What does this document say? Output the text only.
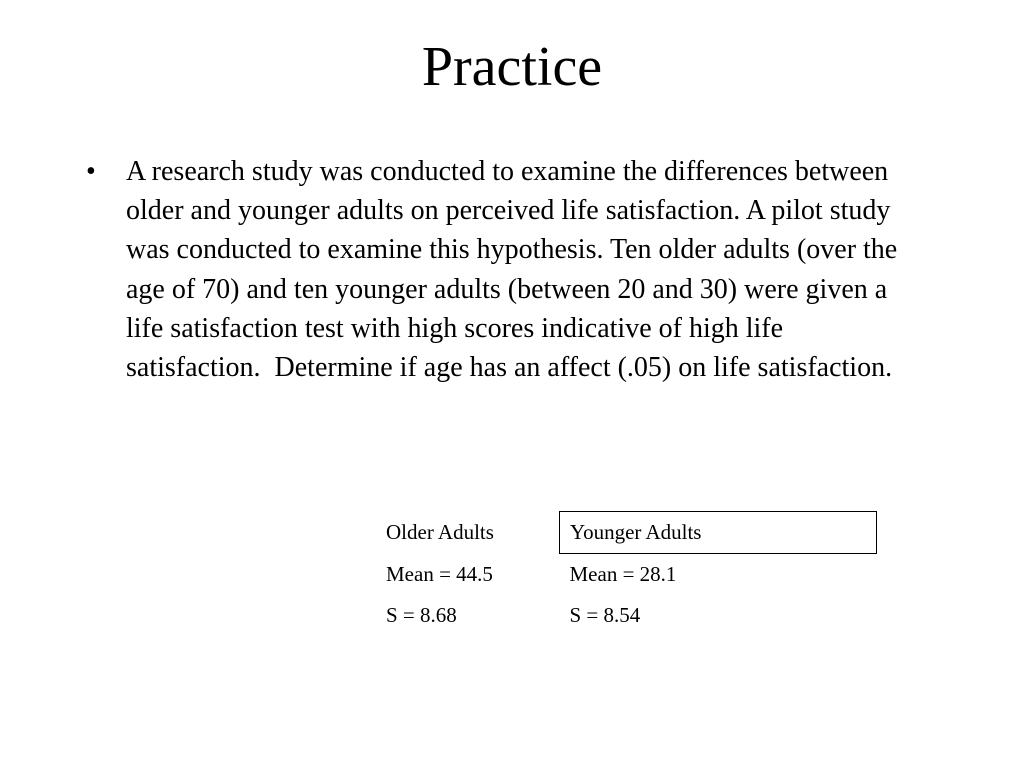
Practice
•	A research study was conducted to examine the differences between older and younger adults on perceived life satisfaction. A pilot study was conducted to examine this hypothesis. Ten older adults (over the age of 70) and ten younger adults (between 20 and 30) were given a life satisfaction test with high scores indicative of high life satisfaction.  Determine if age has an affect (.05) on life satisfaction.

Older Adults	Younger Adults
Mean = 44.5	Mean = 28.1
S = 8.68	S = 8.54
